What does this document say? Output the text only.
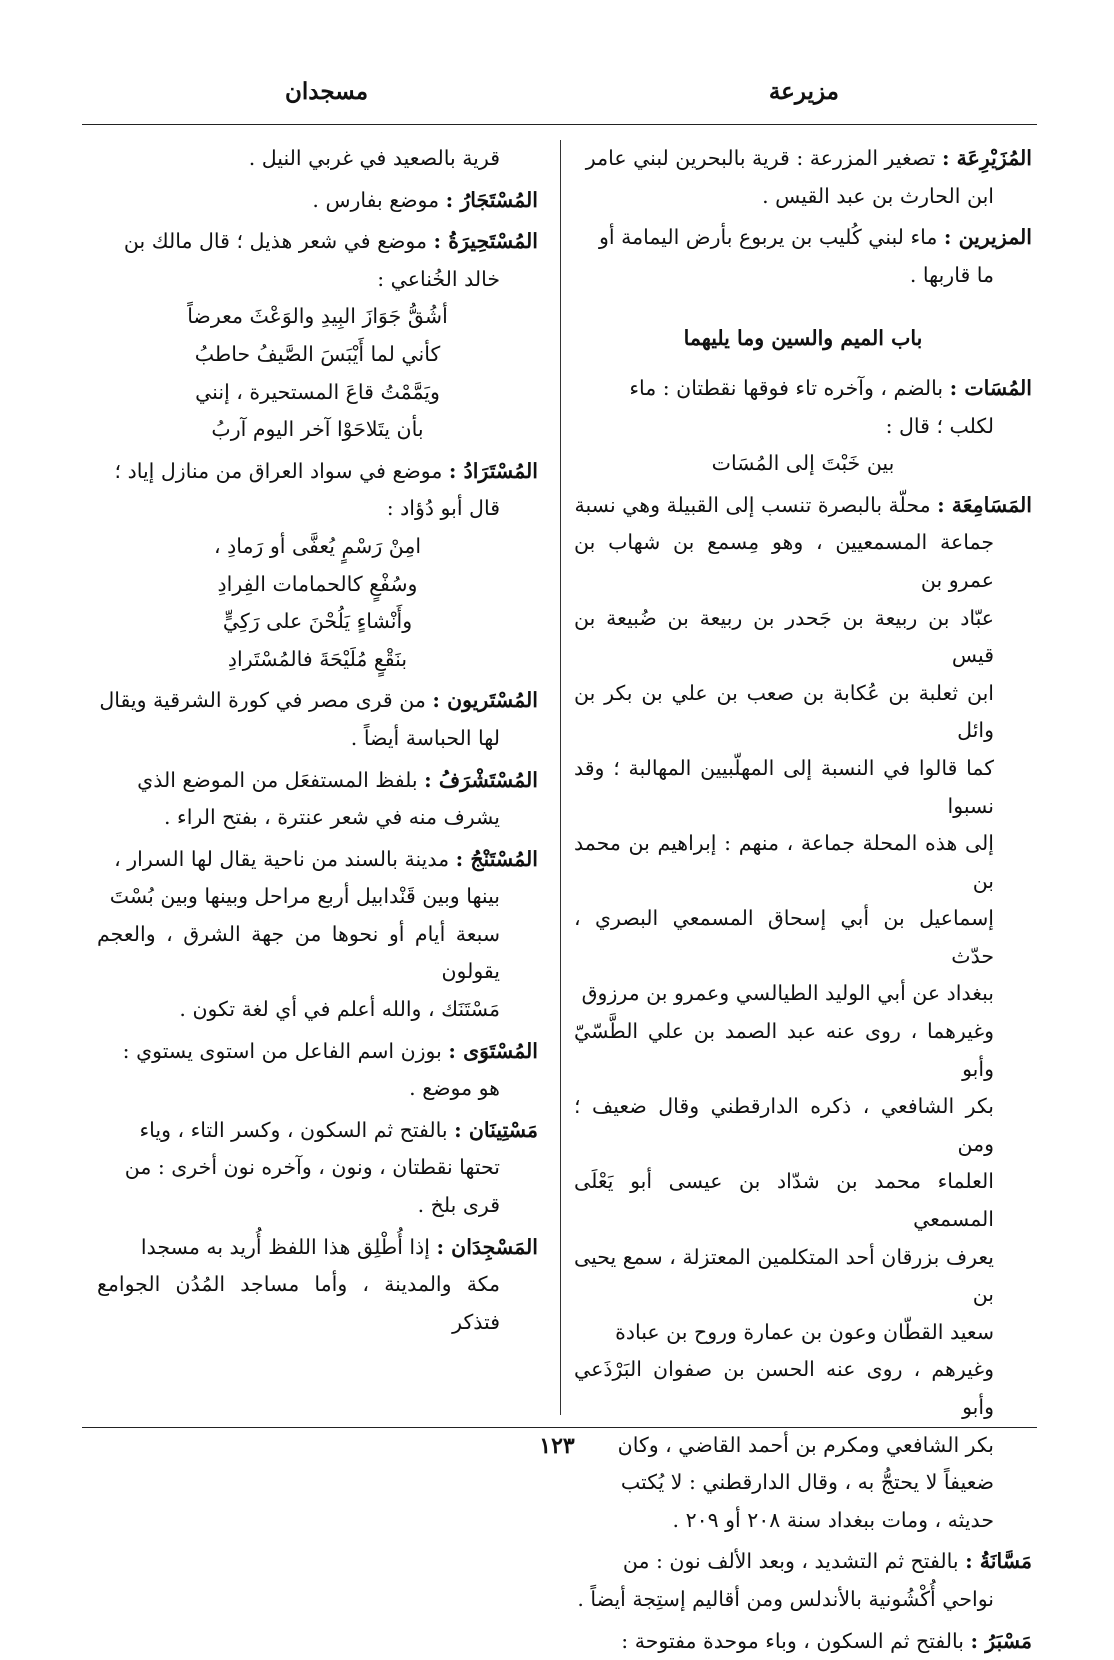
مزيرعة
مسجدان
المُزَيْرِعَة : تصغير المزرعة : قرية بالبحرين لبني عامر
ابن الحارث بن عبد القيس .
المزيرين : ماء لبني كُليب بن يربوع بأرض اليمامة أو
ما قاربها .
باب الميم والسين وما يليهما
المُسَات : بالضم ، وآخره تاء فوقها نقطتان : ماء
لكلب ؛ قال :
بين خَبْتَ إلى المُسَات
المَسَامِعَة : محلّة بالبصرة تنسب إلى القبيلة وهي نسبة
جماعة المسمعيين ، وهو مِسمع بن شهاب بن عمرو بن
عبّاد بن ربيعة بن جَحدر بن ربيعة بن ضُبيعة بن قيس
ابن ثعلبة بن عُكابة بن صعب بن علي بن بكر بن وائل
كما قالوا في النسبة إلى المهلّبيين المهالبة ؛ وقد نسبوا
إلى هذه المحلة جماعة ، منهم : إبراهيم بن محمد بن
إسماعيل بن أبي إسحاق المسمعي البصري ، حدّث
ببغداد عن أبي الوليد الطيالسي وعمرو بن مرزوق
وغيرهما ، روى عنه عبد الصمد بن علي الطَّسّيّ وأبو
بكر الشافعي ، ذكره الدارقطني وقال ضعيف ؛ ومن
العلماء محمد بن شدّاد بن عيسى أبو يَعْلَى المسمعي
يعرف بزرقان أحد المتكلمين المعتزلة ، سمع يحيى بن
سعيد القطّان وعون بن عمارة وروح بن عبادة
وغيرهم ، روى عنه الحسن بن صفوان البَرْذَعي وأبو
بكر الشافعي ومكرم بن أحمد القاضي ، وكان
ضعيفاً لا يحتجُّ به ، وقال الدارقطني : لا يُكتب
حديثه ، ومات ببغداد سنة ٢٠٨ أو ٢٠٩ .
مَسَّانَةُ : بالفتح ثم التشديد ، وبعد الألف نون : من
نواحي أُكْشُونية بالأندلس ومن أقاليم إستِجة أيضاً .
مَسْبَرُ : بالفتح ثم السكون ، وباء موحدة مفتوحة :
قرية بالصعيد في غربي النيل .
المُسْتَجَارُ : موضع بفارس .
المُسْتَحِيرَةُ : موضع في شعر هذيل ؛ قال مالك بن
خالد الخُناعي :
أشُقُّ جَوَازَ البِيدِ والوَعْثَ معرضاً
كأني لما أَيْبَسَ الصَّيفُ حاطبُ
ويَمَّمْتُ قاعَ المستحيرة ، إنني
بأن يتَلاحَوْا آخر اليوم آربُ
المُسْتَرَادُ : موضع في سواد العراق من منازل إياد ؛
قال أبو دُؤاد :
امِنْ رَسْمٍ يُعفَّى أو رَمادِ ،
وسُفْعٍ كالحمامات الفِرادِ
وأَنْشاءٍ يَلُحْنَ على رَكِيٍّ
بنَقْعٍ مُلَيْحَةَ فالمُسْتَرادِ
المُسْتَريون : من قرى مصر في كورة الشرقية ويقال
لها الحباسة أيضاً .
المُسْتَشْرَفُ : بلفظ المستفعَل من الموضع الذي
يشرف منه في شعر عنترة ، بفتح الراء .
المُسْتَنْجُ : مدينة بالسند من ناحية يقال لها السرار ،
بينها وبين قَنْدابيل أربع مراحل وبينها وبين بُسْتَ
سبعة أيام أو نحوها من جهة الشرق ، والعجم يقولون
مَسْتَنَك ، والله أعلم في أي لغة تكون .
المُسْتَوَى : بوزن اسم الفاعل من استوى يستوي :
هو موضع .
مَسْتِينَان : بالفتح ثم السكون ، وكسر التاء ، وياء
تحتها نقطتان ، ونون ، وآخره نون أخرى : من
قرى بلخ .
المَسْجِدَان : إذا أُطْلِق هذا اللفظ أُريد به مسجدا
مكة والمدينة ، وأما مساجد المُدُن الجوامع فتذكر
١٢٣
